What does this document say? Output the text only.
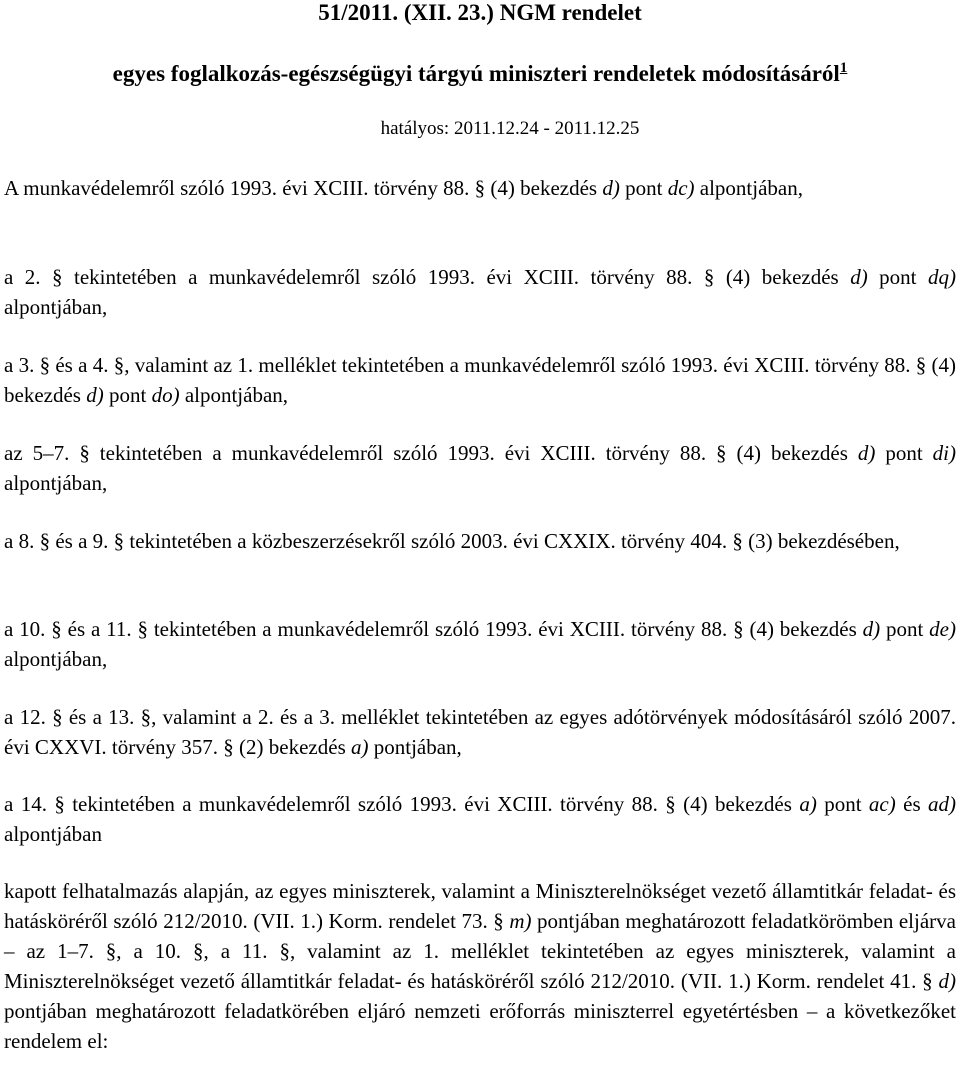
51/2011. (XII. 23.) NGM rendelet
egyes foglalkozás-egészségügyi tárgyú miniszteri rendeletek módosításáról$^1$
hatályos: 2011.12.24 - 2011.12.25

A munkavédelemről szóló 1993. évi XCIII. törvény 88. § (4) bekezdés d) pont dc) alpontjában,

a 2. § tekintetében a munkavédelemről szóló 1993. évi XCIII. törvény 88. § (4) bekezdés d) pont dq) alpontjában,

a 3. § és a 4. §, valamint az 1. melléklet tekintetében a munkavédelemről szóló 1993. évi XCIII. törvény 88. § (4) bekezdés d) pont do) alpontjában,

az 5–7. § tekintetében a munkavédelemről szóló 1993. évi XCIII. törvény 88. § (4) bekezdés d) pont di) alpontjában,

a 8. § és a 9. § tekintetében a közbeszerzésekről szóló 2003. évi CXXIX. törvény 404. § (3) bekezdésében,

a 10. § és a 11. § tekintetében a munkavédelemről szóló 1993. évi XCIII. törvény 88. § (4) bekezdés d) pont de) alpontjában,

a 12. § és a 13. §, valamint a 2. és a 3. melléklet tekintetében az egyes adótörvények módosításáról szóló 2007. évi CXXVI. törvény 357. § (2) bekezdés a) pontjában,

a 14. § tekintetében a munkavédelemről szóló 1993. évi XCIII. törvény 88. § (4) bekezdés a) pont ac) és ad) alpontjában

kapott felhatalmazás alapján, az egyes miniszterek, valamint a Miniszterelnökséget vezető államtitkár feladat- és hatásköréről szóló 212/2010. (VII. 1.) Korm. rendelet 73. § m) pontjában meghatározott feladatkörömben eljárva – az 1–7. §, a 10. §, a 11. §, valamint az 1. melléklet tekintetében az egyes miniszterek, valamint a Miniszterelnökséget vezető államtitkár feladat- és hatásköréről szóló 212/2010. (VII. 1.) Korm. rendelet 41. § d) pontjában meghatározott feladatkörében eljáró nemzeti erőforrás miniszterrel egyetértésben – a következőket rendelem el:
